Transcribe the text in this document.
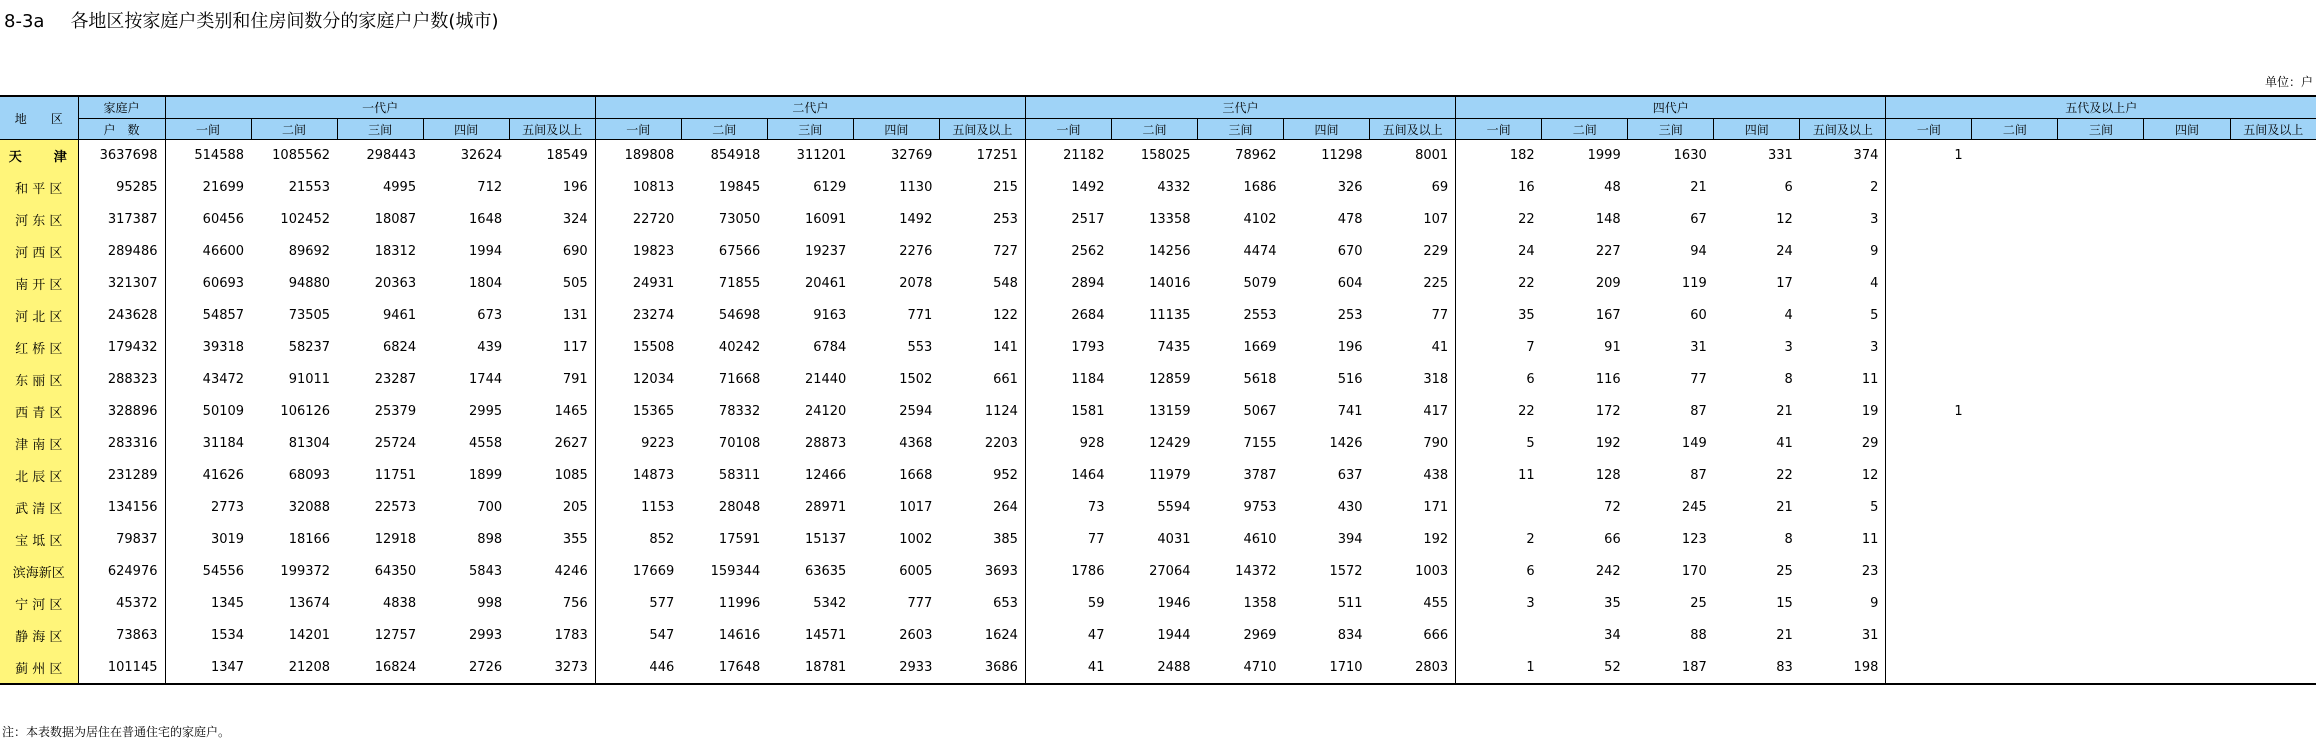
8-3a 各地区按家庭户类别和住房间数分的家庭户户数(城市)
单位：户
地　　区	家庭户	一代户					二代户					三代户					四代户					五代及以上户				
	户　数	一间	二间	三间	四间	五间及以上	一间	二间	三间	四间	五间及以上	一间	二间	三间	四间	五间及以上	一间	二间	三间	四间	五间及以上	一间	二间	三间	四间	五间及以上
天　　津	3637698	514588	1085562	298443	32624	18549	189808	854918	311201	32769	17251	21182	158025	78962	11298	8001	182	1999	1630	331	374	1				
和 平 区	95285	21699	21553	4995	712	196	10813	19845	6129	1130	215	1492	4332	1686	326	69	16	48	21	6	2					
河 东 区	317387	60456	102452	18087	1648	324	22720	73050	16091	1492	253	2517	13358	4102	478	107	22	148	67	12	3					
河 西 区	289486	46600	89692	18312	1994	690	19823	67566	19237	2276	727	2562	14256	4474	670	229	24	227	94	24	9					
南 开 区	321307	60693	94880	20363	1804	505	24931	71855	20461	2078	548	2894	14016	5079	604	225	22	209	119	17	4					
河 北 区	243628	54857	73505	9461	673	131	23274	54698	9163	771	122	2684	11135	2553	253	77	35	167	60	4	5					
红 桥 区	179432	39318	58237	6824	439	117	15508	40242	6784	553	141	1793	7435	1669	196	41	7	91	31	3	3					
东 丽 区	288323	43472	91011	23287	1744	791	12034	71668	21440	1502	661	1184	12859	5618	516	318	6	116	77	8	11					
西 青 区	328896	50109	106126	25379	2995	1465	15365	78332	24120	2594	1124	1581	13159	5067	741	417	22	172	87	21	19	1				
津 南 区	283316	31184	81304	25724	4558	2627	9223	70108	28873	4368	2203	928	12429	7155	1426	790	5	192	149	41	29					
北 辰 区	231289	41626	68093	11751	1899	1085	14873	58311	12466	1668	952	1464	11979	3787	637	438	11	128	87	22	12					
武 清 区	134156	2773	32088	22573	700	205	1153	28048	28971	1017	264	73	5594	9753	430	171		72	245	21	5					
宝 坻 区	79837	3019	18166	12918	898	355	852	17591	15137	1002	385	77	4031	4610	394	192	2	66	123	8	11					
滨海新区	624976	54556	199372	64350	5843	4246	17669	159344	63635	6005	3693	1786	27064	14372	1572	1003	6	242	170	25	23					
宁 河 区	45372	1345	13674	4838	998	756	577	11996	5342	777	653	59	1946	1358	511	455	3	35	25	15	9					
静 海 区	73863	1534	14201	12757	2993	1783	547	14616	14571	2603	1624	47	1944	2969	834	666		34	88	21	31					
蓟 州 区	101145	1347	21208	16824	2726	3273	446	17648	18781	2933	3686	41	2488	4710	1710	2803	1	52	187	83	198					
注：本表数据为居住在普通住宅的家庭户。
